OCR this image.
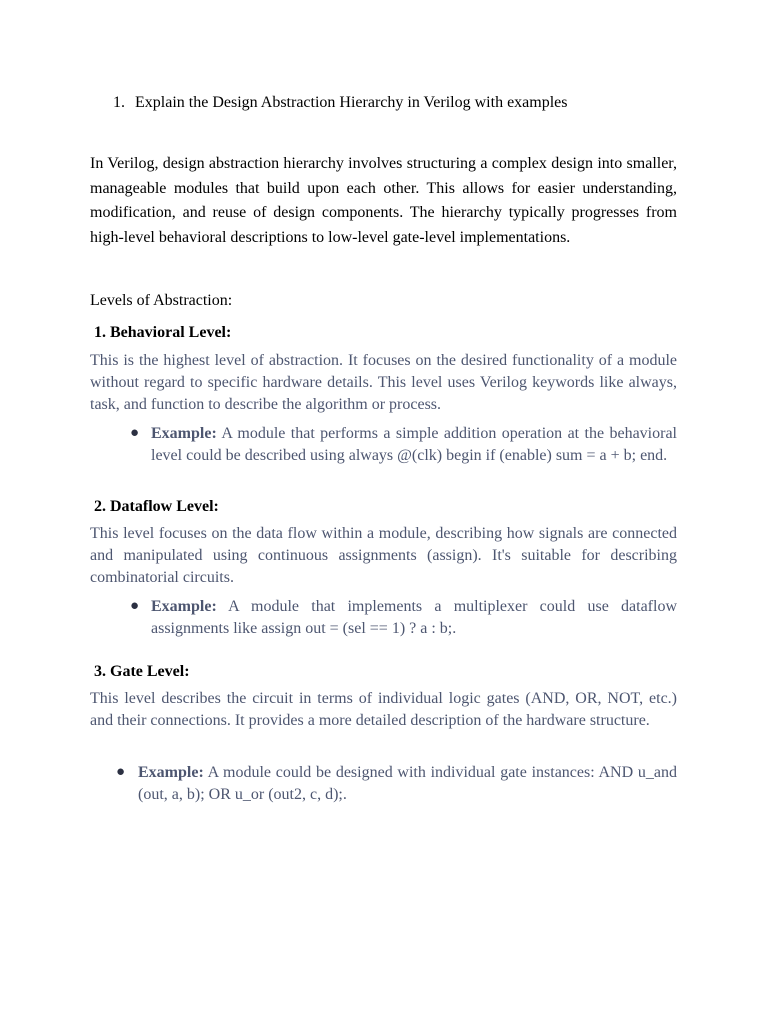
1. Explain the Design Abstraction Hierarchy in Verilog with examples
In Verilog, design abstraction hierarchy involves structuring a complex design into smaller, manageable modules that build upon each other. This allows for easier understanding, modification, and reuse of design components. The hierarchy typically progresses from high-level behavioral descriptions to low-level gate-level implementations.
Levels of Abstraction:
1. Behavioral Level:
This is the highest level of abstraction. It focuses on the desired functionality of a module without regard to specific hardware details. This level uses Verilog keywords like always, task, and function to describe the algorithm or process.
● Example: A module that performs a simple addition operation at the behavioral level could be described using always @(clk) begin if (enable) sum = a + b; end.
2. Dataflow Level:
This level focuses on the data flow within a module, describing how signals are connected and manipulated using continuous assignments (assign). It's suitable for describing combinatorial circuits.
● Example: A module that implements a multiplexer could use dataflow assignments like assign out = (sel == 1) ? a : b;.
3. Gate Level:
This level describes the circuit in terms of individual logic gates (AND, OR, NOT, etc.) and their connections. It provides a more detailed description of the hardware structure.
● Example: A module could be designed with individual gate instances: AND u_and (out, a, b); OR u_or (out2, c, d);.
